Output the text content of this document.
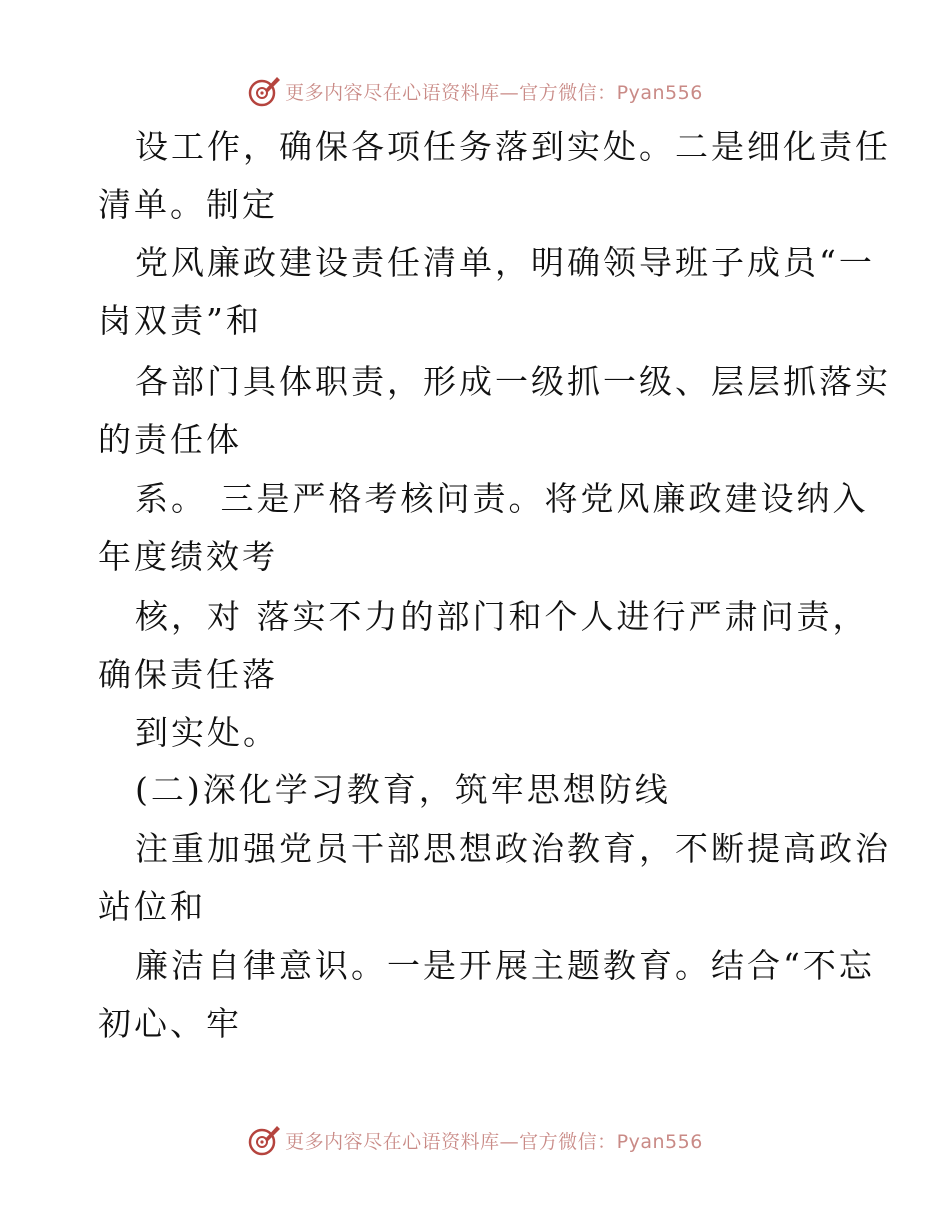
更多内容尽在心语资料库—官方微信：Pyan556
设工作，确保各项任务落到实处。二是细化责任
清单。制定
党风廉政建设责任清单，明确领导班子成员“一
岗双责”和
各部门具体职责，形成一级抓一级、层层抓落实
的责任体
系。 三是严格考核问责。将党风廉政建设纳入
年度绩效考
核，对 落实不力的部门和个人进行严肃问责，
确保责任落
到实处。
(二)深化学习教育，筑牢思想防线
注重加强党员干部思想政治教育，不断提高政治
站位和
廉洁自律意识。一是开展主题教育。结合“不忘
初心、牢
更多内容尽在心语资料库—官方微信：Pyan556
